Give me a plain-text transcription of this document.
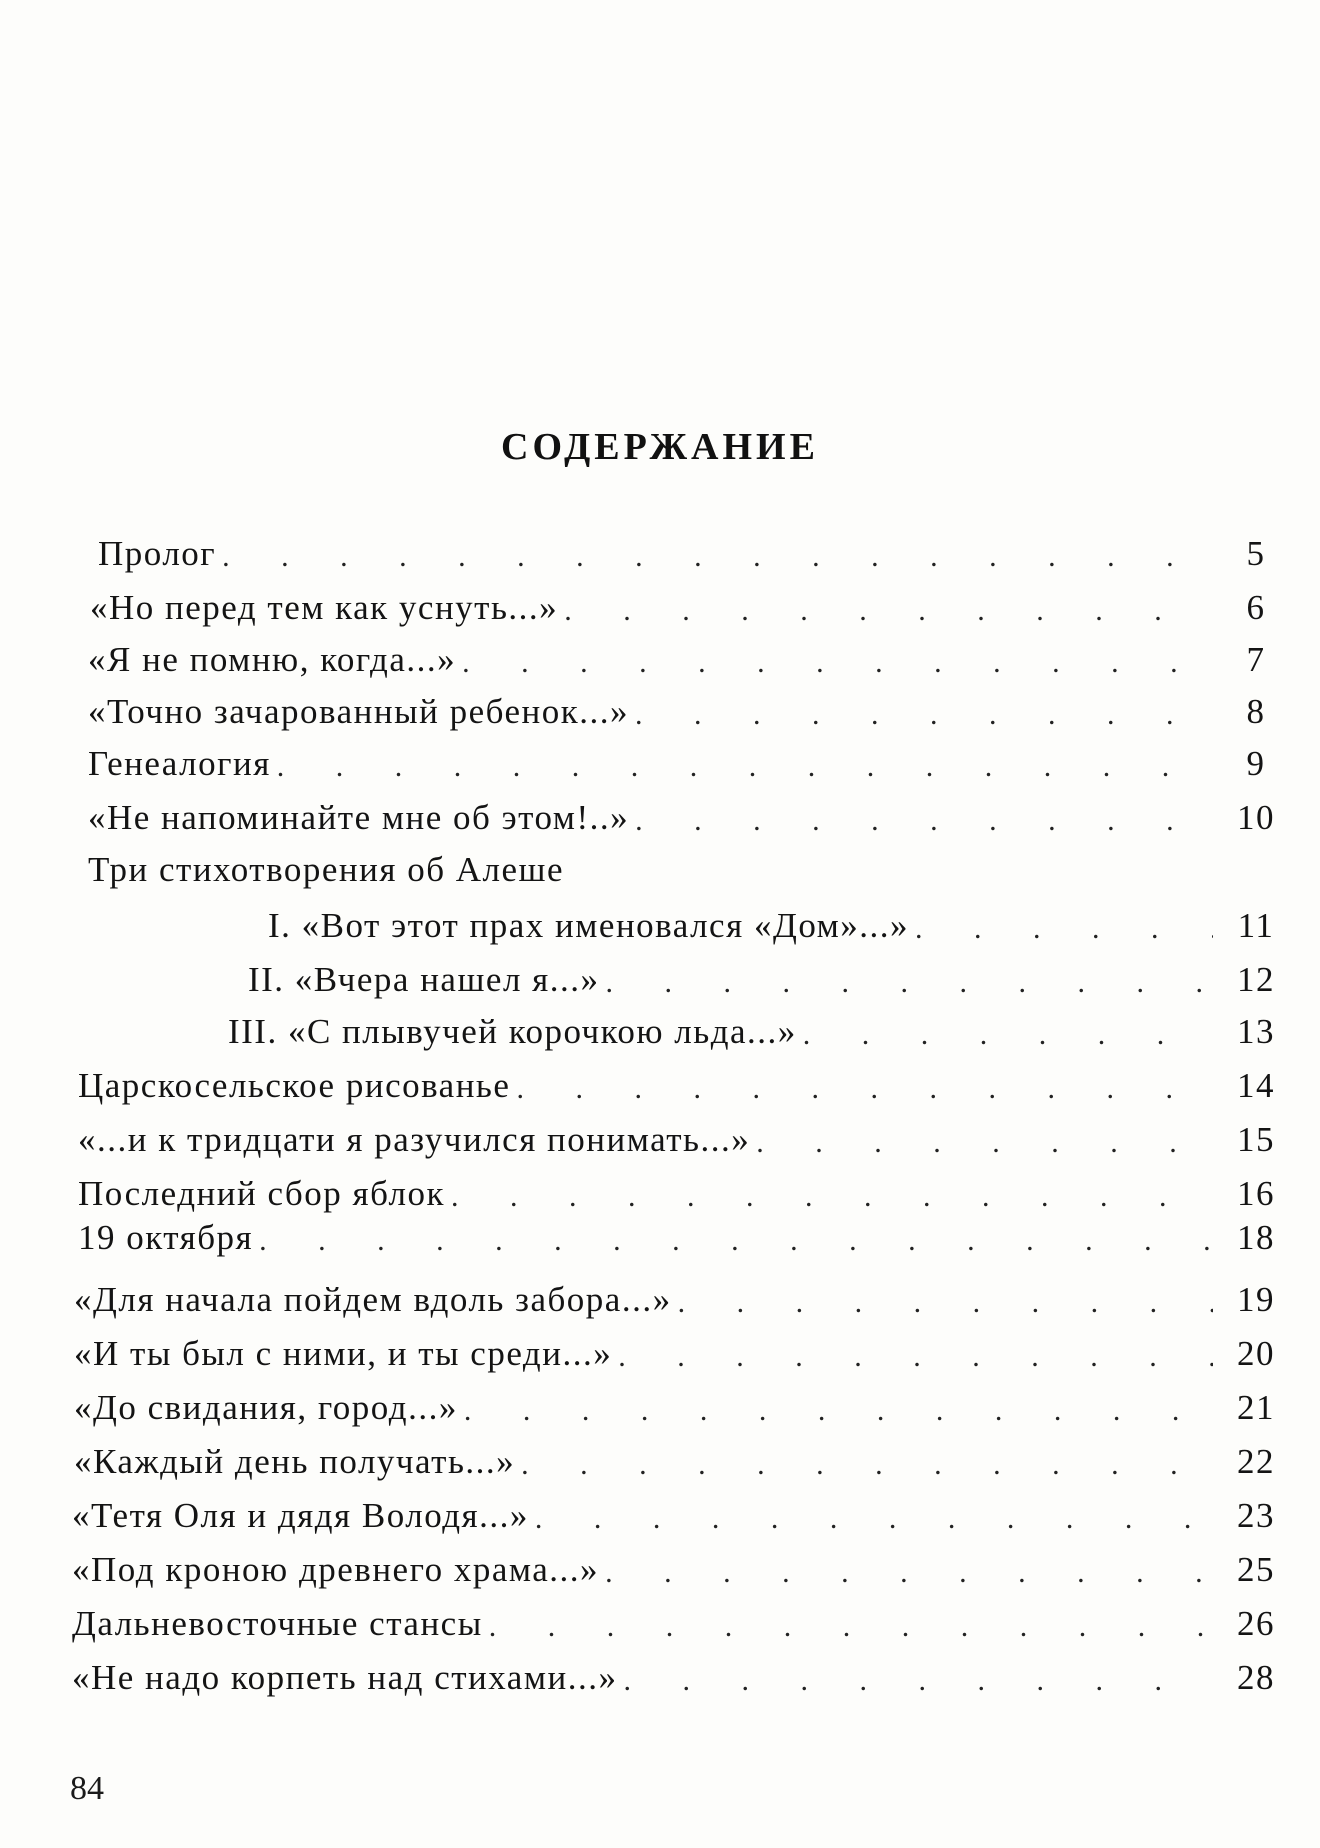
СОДЕРЖАНИЕ
Пролог . . .	5
«Но перед тем как уснуть...» . . .	6
«Я не помню, когда...» . . .	7
«Точно зачарованный ребенок...» . . .	8
Генеалогия . . .	9
«Не напоминайте мне об этом!..» . . .	10
Три стихотворения об Алеше
I. «Вот этот прах именовался «Дом»...» . . .	11
II. «Вчера нашел я...» . . .	12
III. «С плывучей корочкою льда...» . . .	13
Царскосельское рисованье . . .	14
«...и к тридцати я разучился понимать...» . . .	15
Последний сбор яблок . . .	16
19 октября . . .	18
«Для начала пойдем вдоль забора...» . . .	19
«И ты был с ними, и ты среди...» . . .	20
«До свидания, город...» . . .	21
«Каждый день получать...» . . .	22
«Тетя Оля и дядя Володя...» . . .	23
«Под кроною древнего храма...» . . .	25
Дальневосточные стансы . . .	26
«Не надо корпеть над стихами...» . . .	28
84
